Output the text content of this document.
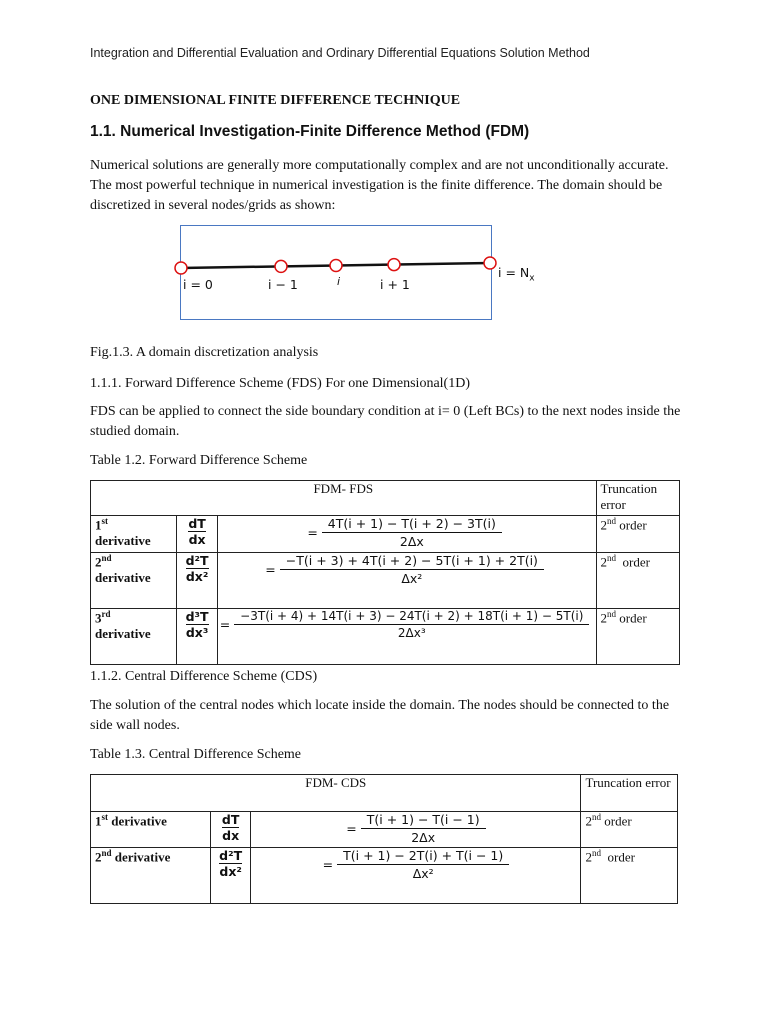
Integration and Differential Evaluation and Ordinary Differential Equations Solution Method
ONE DIMENSIONAL FINITE DIFFERENCE TECHNIQUE
1.1. Numerical Investigation-Finite Difference Method (FDM)
Numerical solutions are generally more computationally complex and are not unconditionally accurate. The most powerful technique in numerical investigation is the finite difference. The domain should be discretized in several nodes/grids as shown:
i = 0	i − 1	i	i + 1
$i = N_x$
Fig.1.3. A domain discretization analysis
1.1.1. Forward Difference Scheme (FDS) For one Dimensional(1D)
FDS can be applied to connect the side boundary condition at i= 0 (Left BCs) to the next nodes inside the studied domain.
Table 1.2. Forward Difference Scheme
FDM- FDS			Truncation error
1st
derivative	$\frac{dT}{dx}$	= $\frac{4T(i + 1) - T(i + 2) - 3T(i)}{2\Delta x}$	2nd order
2nd
derivative	$\frac{\text{d²T}}{\text{dx²}}$	= $\frac{-T(i + 3) + 4T(i + 2) - 5T(i + 1) + 2T(i)}{\text{Δx²}}$	2nd order
3rd
derivative	$\frac{\text{d³T}}{\text{dx³}}$	= $\frac{-3T(i + 4) + 14T(i + 3) - 24T(i + 2) + 18T(i + 1) - 5T(i)}{\text{2Δx³}}$	2nd order
1.1.2. Central Difference Scheme (CDS)
The solution of the central nodes which locate inside the domain. The nodes should be connected to the side wall nodes.
Table 1.3. Central Difference Scheme
FDM- CDS			Truncation error
1st derivative	$\frac{dT}{dx}$	= $\frac{T(i + 1) - T(i - 1)}{2\Delta x}$	2nd order
2nd derivative	$\frac{\text{d²T}}{\text{dx²}}$	= $\frac{T(i + 1) - 2T(i) + T(i - 1)}{\text{Δx²}}$	2nd order
